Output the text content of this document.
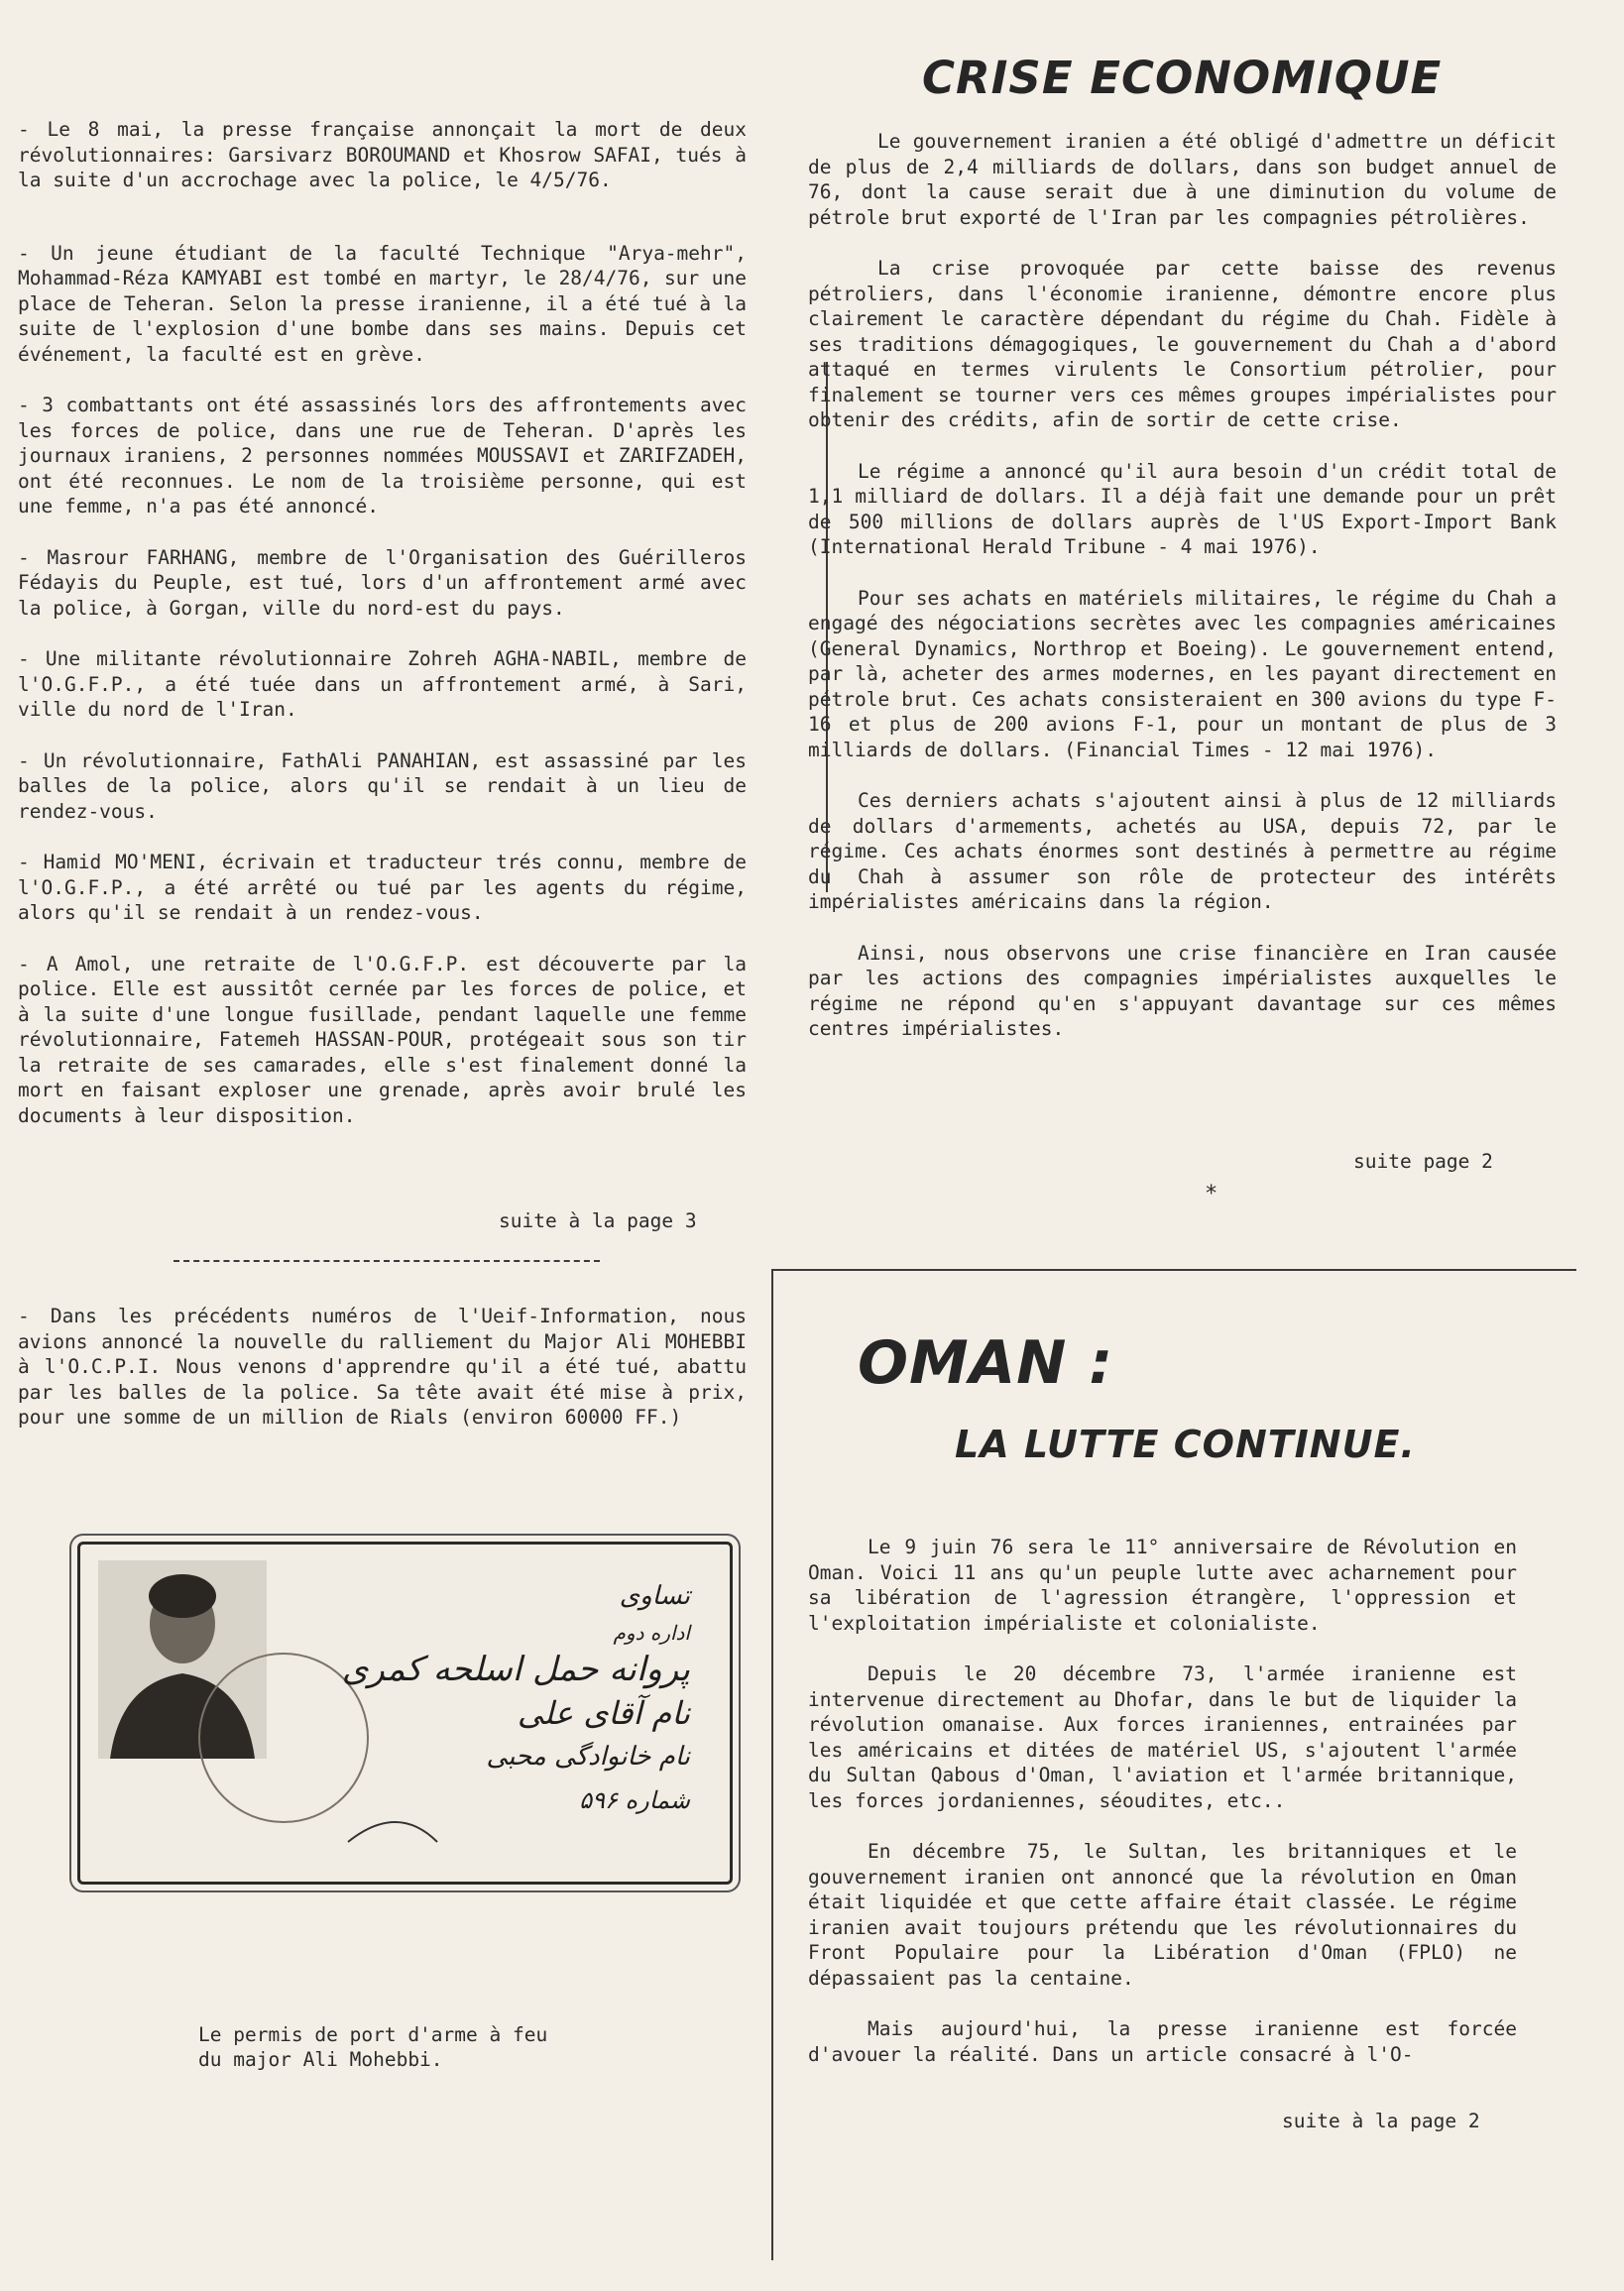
- Le 8 mai, la presse française annonçait la mort de deux révolutionnaires: Garsivarz BOROUMAND et Khosrow SAFAI, tués à la suite d'un accrochage avec la police, le 4/5/76.

- Un jeune étudiant de la faculté Technique "Arya-mehr", Mohammad-Réza KAMYABI est tombé en martyr, le 28/4/76, sur une place de Teheran. Selon la presse iranienne, il a été tué à la suite de l'explosion d'une bombe dans ses mains. Depuis cet événement, la faculté est en grève.

- 3 combattants ont été assassinés lors des affrontements avec les forces de police, dans une rue de Teheran. D'après les journaux iraniens, 2 personnes nommées MOUSSAVI et ZARIFZADEH, ont été reconnues. Le nom de la troisième personne, qui est une femme, n'a pas été annoncé.

- Masrour FARHANG, membre de l'Organisation des Guérilleros Fédayis du Peuple, est tué, lors d'un affrontement armé avec la police, à Gorgan, ville du nord-est du pays.

- Une militante révolutionnaire Zohreh AGHA-NABIL, membre de l'O.G.F.P., a été tuée dans un affrontement armé, à Sari, ville du nord de l'Iran.

- Un révolutionnaire, FathAli PANAHIAN, est assassiné par les balles de la police, alors qu'il se rendait à un lieu de rendez-vous.

- Hamid MO'MENI, écrivain et traducteur trés connu, membre de l'O.G.F.P., a été arrêté ou tué par les agents du régime, alors qu'il se rendait à un rendez-vous.

- A Amol, une retraite de l'O.G.F.P. est découverte par la police. Elle est aussitôt cernée par les forces de police, et à la suite d'une longue fusillade, pendant laquelle une femme révolutionnaire, Fatemeh HASSAN-POUR, protégeait sous son tir la retraite de ses camarades, elle s'est finalement donné la mort en faisant exploser une grenade, après avoir brulé les documents à leur disposition.

suite à la page 3

- Dans les précédents numéros de l'Ueif-Information, nous avions annoncé la nouvelle du ralliement du Major Ali MOHEBBI à l'O.C.P.I. Nous venons d'apprendre qu'il a été tué, abattu par les balles de la police. Sa tête avait été mise à prix, pour une somme de un million de Rials (environ 60000 FF.)

تساوی
اداره دوم
پروانه حمل اسلحه کمری
نام آقای علی
نام خانوادگی محبی
شماره ۵۹۶
Le permis de port d'arme à feu
du major Ali Mohebbi.
CRISE ECONOMIQUE

Le gouvernement iranien a été obligé d'admettre un déficit de plus de 2,4 milliards de dollars, dans son budget annuel de 76, dont la cause serait due à une diminution du volume de pétrole brut exporté de l'Iran par les compagnies pétrolières.

La crise provoquée par cette baisse des revenus pétroliers, dans l'économie iranienne, démontre encore plus clairement le caractère dépendant du régime du Chah. Fidèle à ses traditions démagogiques, le gouvernement du Chah a d'abord attaqué en termes virulents le Consortium pétrolier, pour finalement se tourner vers ces mêmes groupes impérialistes pour obtenir des crédits, afin de sortir de cette crise.

Le régime a annoncé qu'il aura besoin d'un crédit total de 1,1 milliard de dollars. Il a déjà fait une demande pour un prêt de 500 millions de dollars auprès de l'US Export-Import Bank (International Herald Tribune - 4 mai 1976).

Pour ses achats en matériels militaires, le régime du Chah a engagé des négociations secrètes avec les compagnies américaines (General Dynamics, Northrop et Boeing). Le gouvernement entend, par là, acheter des armes modernes, en les payant directement en pétrole brut. Ces achats consisteraient en 300 avions du type F-16 et plus de 200 avions F-1, pour un montant de plus de 3 milliards de dollars. (Financial Times - 12 mai 1976).

Ces derniers achats s'ajoutent ainsi à plus de 12 milliards de dollars d'armements, achetés au USA, depuis 72, par le régime. Ces achats énormes sont destinés à permettre au régime du Chah à assumer son rôle de protecteur des intérêts impérialistes américains dans la région.

Ainsi, nous observons une crise financière en Iran causée par les actions des compagnies impérialistes auxquelles le régime ne répond qu'en s'appuyant davantage sur ces mêmes centres impérialistes.

suite page 2
*
OMAN :
LA LUTTE CONTINUE.

Le 9 juin 76 sera le 11° anniversaire de Révolution en Oman. Voici 11 ans qu'un peuple lutte avec acharnement pour sa libération de l'agression étrangère, l'oppression et l'exploitation impérialiste et colonialiste.

Depuis le 20 décembre 73, l'armée iranienne est intervenue directement au Dhofar, dans le but de liquider la révolution omanaise. Aux forces iraniennes, entrainées par les américains et ditées de matériel US, s'ajoutent l'armée du Sultan Qabous d'Oman, l'aviation et l'armée britannique, les forces jordaniennes, séoudites, etc..

En décembre 75, le Sultan, les britanniques et le gouvernement iranien ont annoncé que la révolution en Oman était liquidée et que cette affaire était classée. Le régime iranien avait toujours prétendu que les révolutionnaires du Front Populaire pour la Libération d'Oman (FPLO) ne dépassaient pas la centaine.

Mais aujourd'hui, la presse iranienne est forcée d'avouer la réalité. Dans un article consacré à l'O-

suite à la page 2
